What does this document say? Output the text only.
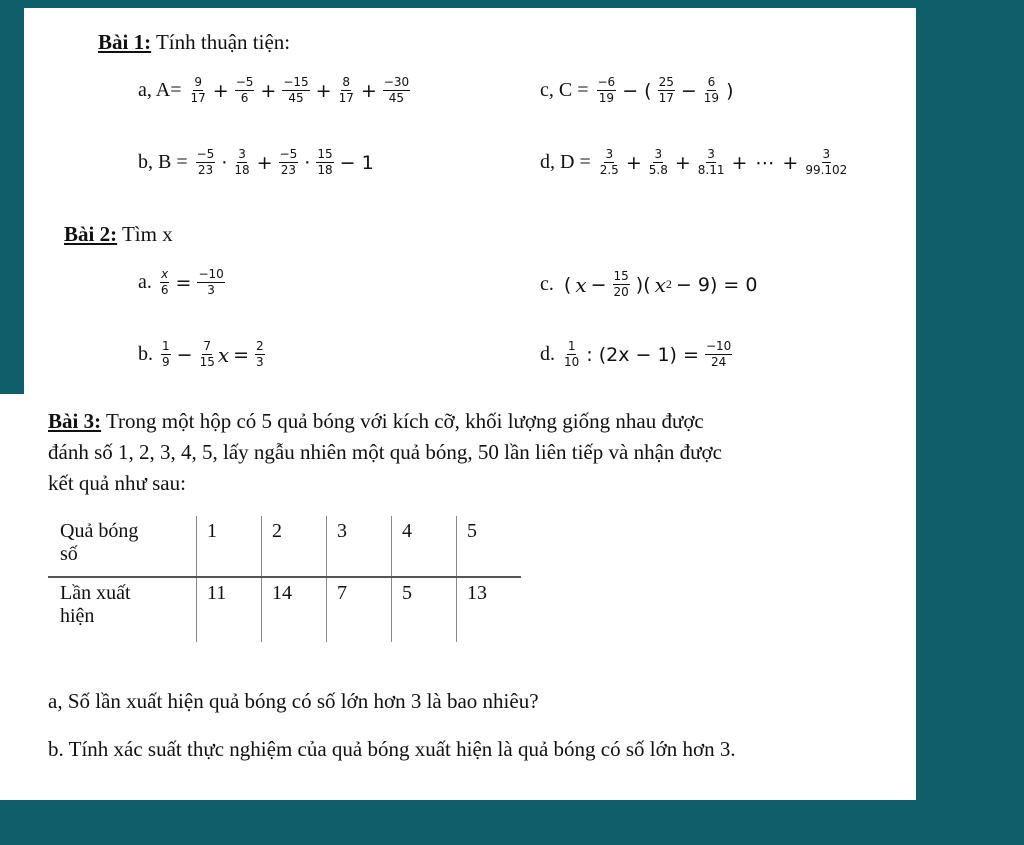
Bài 1: Tính thuận tiện:
a, $A= \frac{9}{17} + \frac{-5}{6} + \frac{-15}{45} + \frac{8}{17} + \frac{-30}{45}$	c, $C = \frac{-6}{19}$ − ( $\frac{25}{17} - \frac{6}{19}$ )
b, $B = \frac{-5}{23} \cdot \frac{3}{18} + \frac{-5}{23} \cdot \frac{15}{18} - 1$	d, $D = \frac{3}{2.5} + \frac{3}{5.8} + \frac{3}{8.11}$ + ⋯ + $\frac{3}{99.102}$
Bài 2: Tìm x
a. $\frac{x}{6} = \frac{-10}{3}$	c. ( $x - \frac{15}{20}$ )( x 2 − 9) = 0
b. $\frac{1}{9} - \frac{7}{15}$ $x = \frac{2}{3}$	d. $\frac{1}{10}$ : $(2x - 1) = \frac{-10}{24}$
Bài 3: Trong một hộp có 5 quả bóng với kích cỡ, khối lượng giống nhau được
đánh số 1, 2, 3, 4, 5, lấy ngẫu nhiên một quả bóng, 50 lần liên tiếp và nhận được
kết quả như sau:
Quả bóng
số	1	2	3	4	5
Lần xuất
hiện	11	14	7	5	13
a, Số lần xuất hiện quả bóng có số lớn hơn 3 là bao nhiêu?
b. Tính xác suất thực nghiệm của quả bóng xuất hiện là quả bóng có số lớn hơn 3.
